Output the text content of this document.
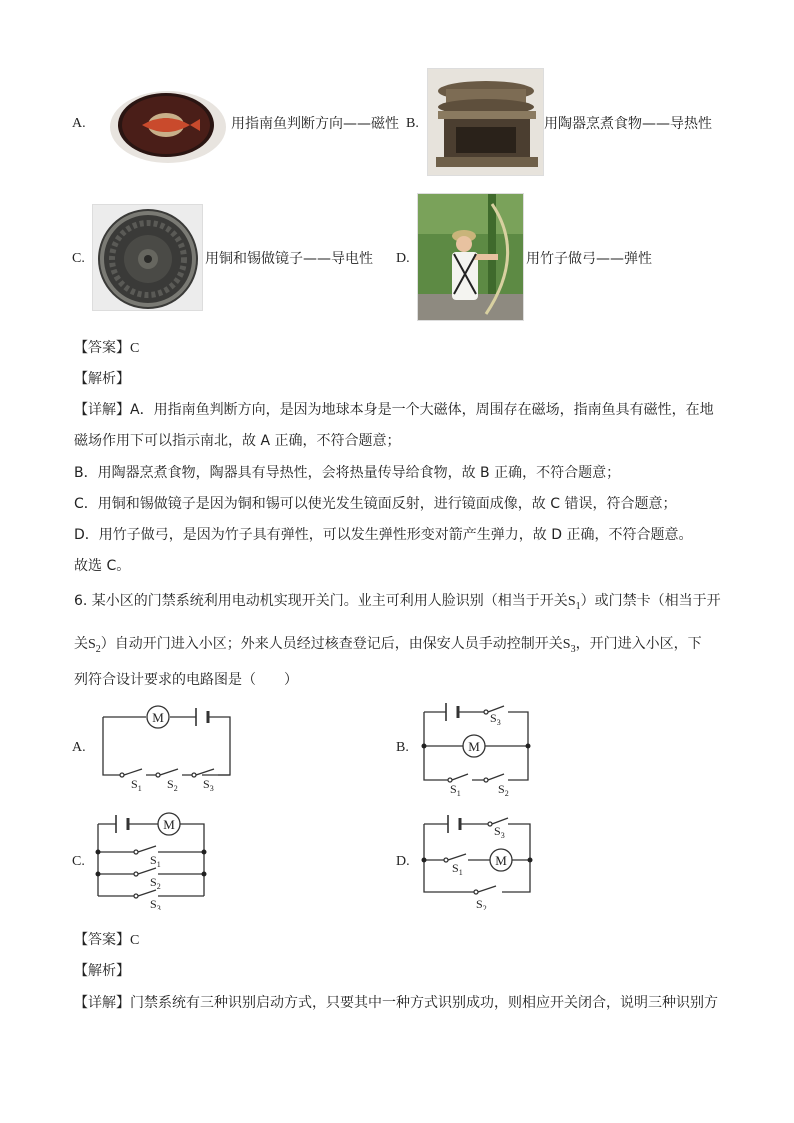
A.	用指南鱼判断方向——磁性 B.	用陶器烹煮食物——导热性
C.	用铜和锡做镜子——导电性 D.	用竹子做弓——弹性
【答案】C
【解析】
【详解】A．用指南鱼判断方向，是因为地球本身是一个大磁体，周围存在磁场，指南鱼具有磁性，在地
磁场作用下可以指示南北，故 A 正确，不符合题意；
B．用陶器烹煮食物，陶器具有导热性，会将热量传导给食物，故 B 正确，不符合题意；
C．用铜和锡做镜子是因为铜和锡可以使光发生镜面反射，进行镜面成像，故 C 错误，符合题意；
D．用竹子做弓，是因为竹子具有弹性，可以发生弹性形变对箭产生弹力，故 D 正确，不符合题意。
故选 C。
6. 某小区的门禁系统利用电动机实现开关门。业主可利用人脸识别（相当于开关$S_1$）或门禁卡（相当于开
关$S_2$）自动开门进入小区；外来人员经过核查登记后，由保安人员手动控制开关$S_3$，开门进入小区，下
列符合设计要求的电路图是（　　）
A.
M
$S_1$ $S_2$ $S_3$
B.	M
$S_3$
$S_1$	$S_2$
C.
M
$S_1$
$S_2$
$S_3$
D.	M
$S_3$
$S_1$
$S_2$
【答案】C
【解析】
【详解】门禁系统有三种识别启动方式，只要其中一种方式识别成功，则相应开关闭合，说明三种识别方
